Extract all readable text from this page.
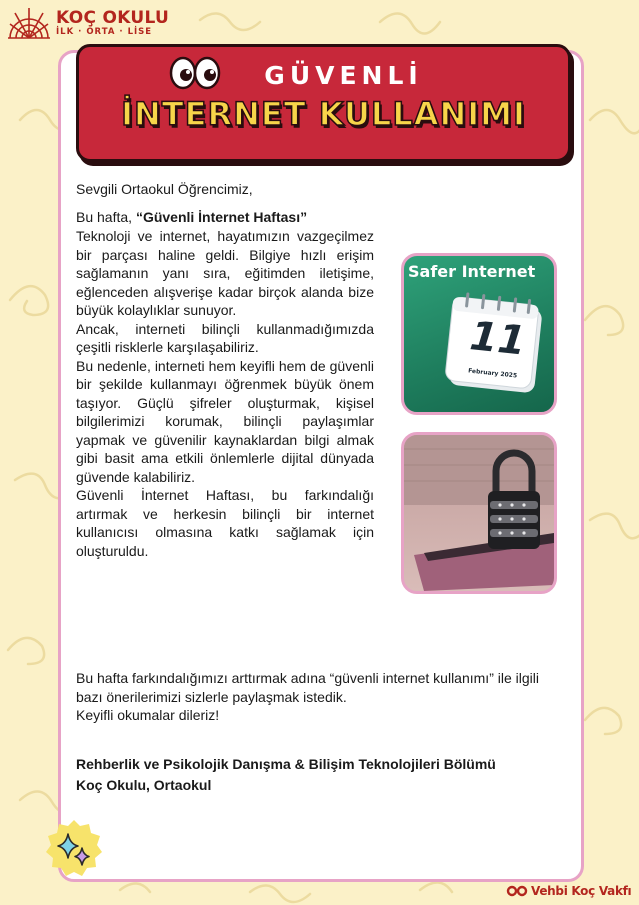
KOÇ OKULU
İLK · ORTA · LİSE
GÜVENLİ
İNTERNET KULLANIMI
Sevgili Ortaokul Öğrencimiz,
Bu hafta, “Güvenli İnternet Haftası”

Teknoloji ve internet, hayatımızın vazgeçilmez bir parçası haline geldi. Bilgiye hızlı erişim sağlamanın yanı sıra, eğitimden iletişime, eğlenceden alışverişe kadar birçok alanda bize büyük kolaylıklar sunuyor.

Ancak, interneti bilinçli kullanmadığımızda çeşitli risklerle karşılaşabiliriz.

Bu nedenle, interneti hem keyifli hem de güvenli bir şekilde kullanmayı öğrenmek büyük önem taşıyor. Güçlü şifreler oluşturmak, kişisel bilgilerimizi korumak, bilinçli paylaşımlar yapmak ve güvenilir kaynaklardan bilgi almak gibi basit ama etkili önlemlerle dijital dünyada güvende kalabiliriz.

Güvenli İnternet Haftası, bu farkındalığı artırmak ve herkesin bilinçli bir internet kullanıcısı olmasına katkı sağlamak için oluşturuldu.

Bu hafta farkındalığımızı arttırmak adına “güvenli internet kullanımı” ile ilgili bazı önerilerimizi sizlerle paylaşmak istedik.

Keyifli okumalar dileriz!

Rehberlik ve Psikolojik Danışma & Bilişim Teknolojileri Bölümü

Koç Okulu, Ortaokul

Safer Internet
11
February 2025
Vehbi Koç Vakfı
